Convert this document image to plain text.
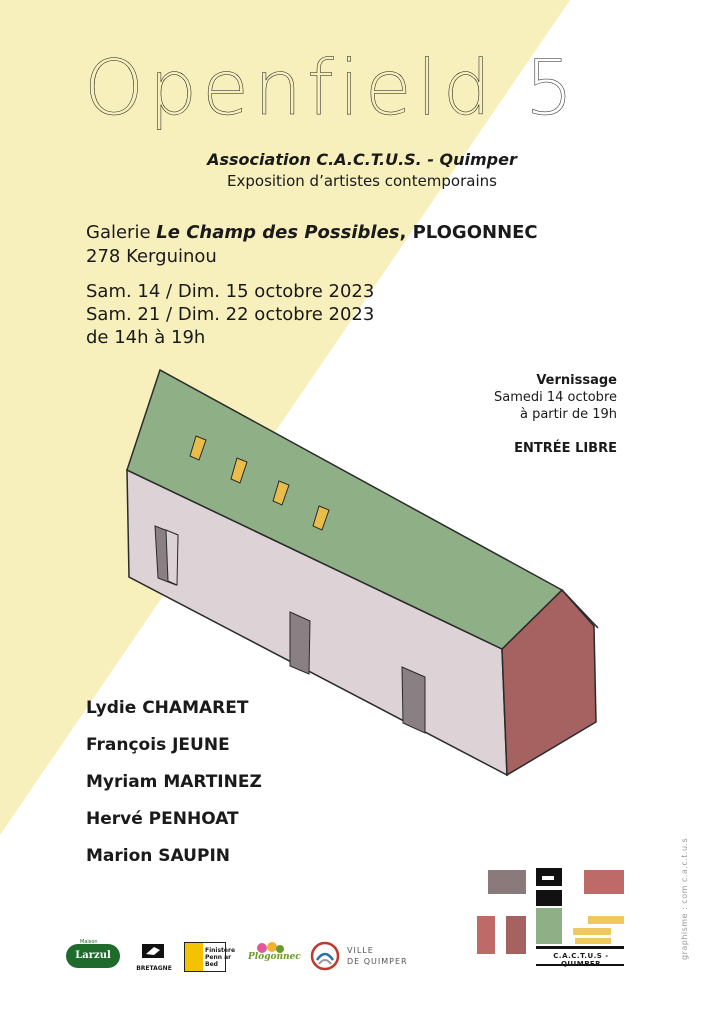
Openfield 5
Association C.A.C.T.U.S. - Quimper
Exposition d’artistes contemporains
Galerie Le Champ des Possibles, PLOGONNEC
278 Kerguinou
Sam. 14 / Dim. 15 octobre 2023
Sam. 21 / Dim. 22 octobre 2023
de 14h à 19h
Vernissage
Samedi 14 octobre
à partir de 19h
ENTRÉE LIBRE
Lydie CHAMARET
François JEUNE
Myriam MARTINEZ
Hervé PENHOAT
Marion SAUPIN	graphisme : com c.a.c.t.u.s
C.A.C.T.U.S - QUIMPER
Larzul
Maison
BRETAGNE
Finistère
Penn ar Bed
Plogonnec
VILLE
DE QUIMPER
